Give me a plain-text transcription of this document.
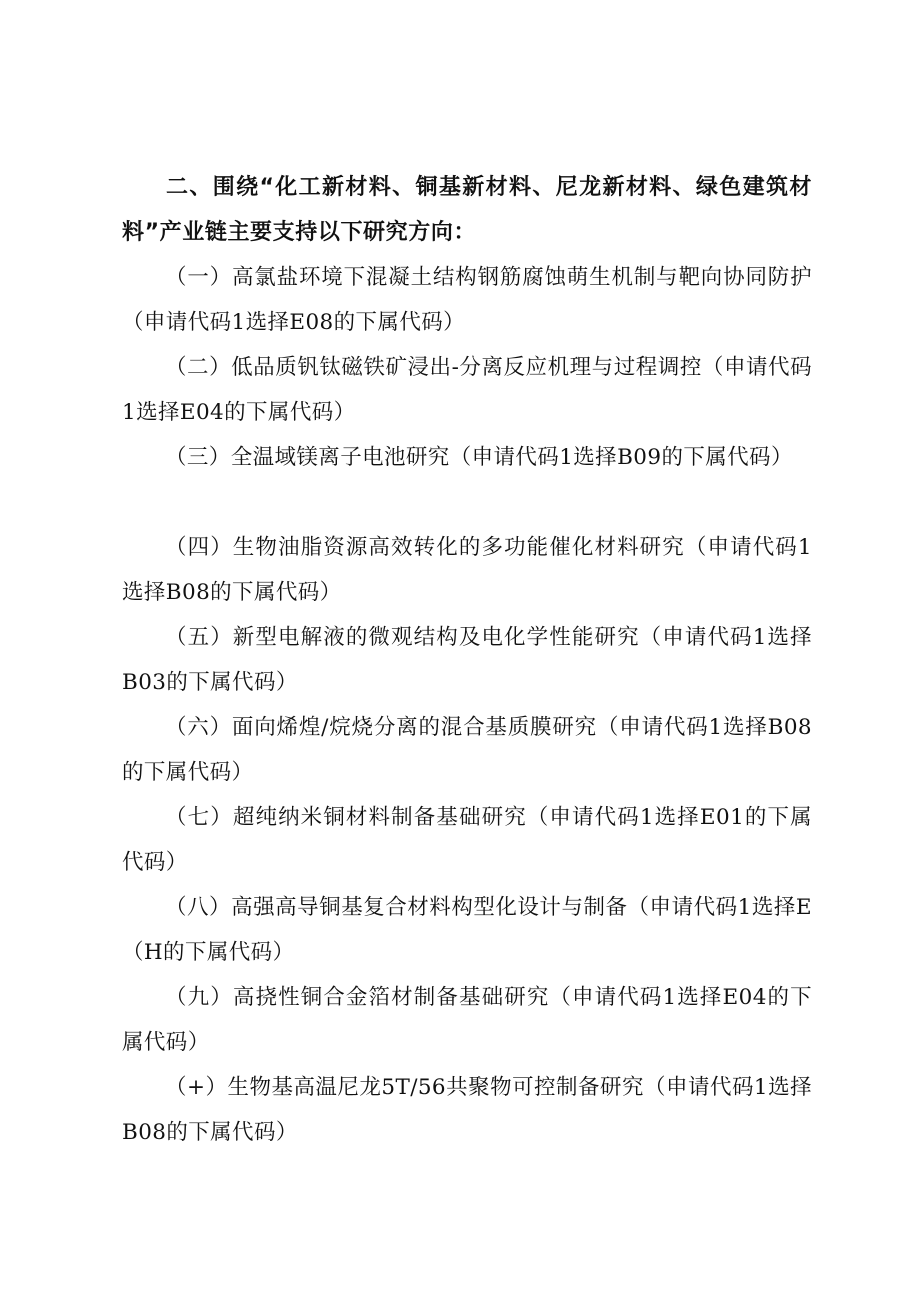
二、围绕“化工新材料、铜基新材料、尼龙新材料、绿色建筑材料”产业链主要支持以下研究方向：
（一）高氯盐环境下混凝土结构钢筋腐蚀萌生机制与靶向协同防护（申请代码1选择E08的下属代码）
（二）低品质钒钛磁铁矿浸出-分离反应机理与过程调控（申请代码1选择E04的下属代码）
（三）全温域镁离子电池研究（申请代码1选择B09的下属代码）
（四）生物油脂资源高效转化的多功能催化材料研究（申请代码1选择B08的下属代码）
（五）新型电解液的微观结构及电化学性能研究（申请代码1选择B03的下属代码）
（六）面向烯煌/烷烧分离的混合基质膜研究（申请代码1选择B08的下属代码）
（七）超纯纳米铜材料制备基础研究（申请代码1选择E01的下属代码）
（八）高强高导铜基复合材料构型化设计与制备（申请代码1选择E（H的下属代码）
（九）高挠性铜合金箔材制备基础研究（申请代码1选择E04的下属代码）
（+）生物基高温尼龙5T/56共聚物可控制备研究（申请代码1选择B08的下属代码）
